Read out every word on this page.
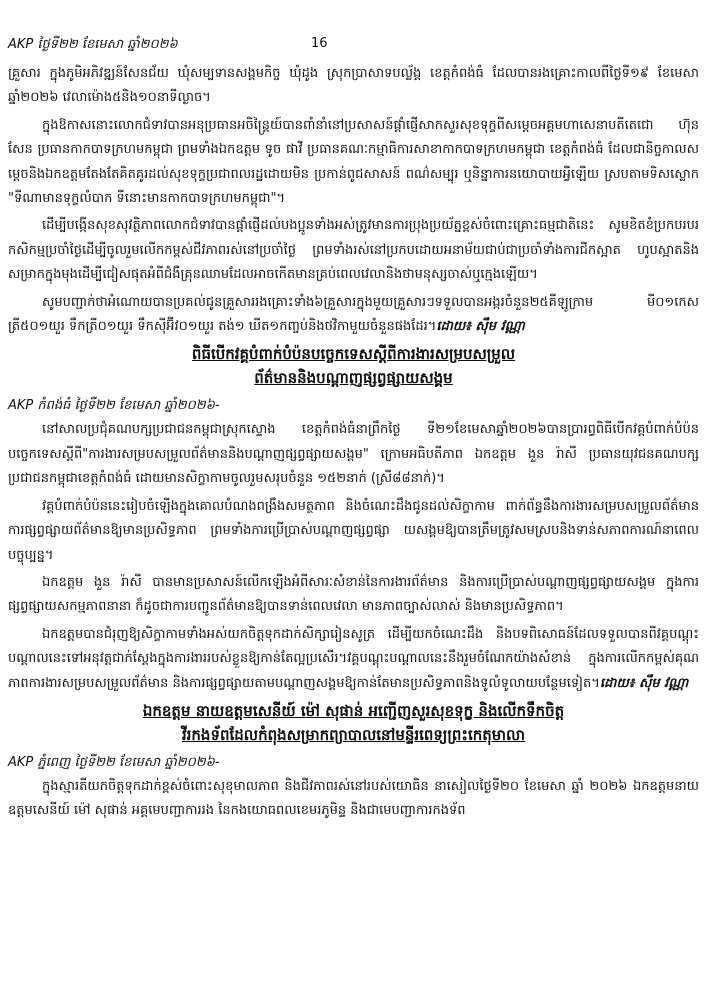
AKP ថ្ងៃទី២២ ខែមេសា ឆ្នាំ២០២៦	16

គ្រួសារ ក្នុងភូមិអភិវឌ្ឍន៍សែនជ័យ ឃុំសម្បទានសង្គមកិច្ច ឃុំដូង ស្រុកប្រាសាទបល្ល័ង្គ ខេត្តកំពង់ធំ ដែលបានរងគ្រោះកាលពីថ្ងៃទី១៩ ខែមេសាឆ្នាំ២០២៦ វេលាម៉ោង៥និង១០នាទីល្ងាច។

ក្នុងឱកាសនោះលោកជំទាវបានអនុប្រធានអចិន្ត្រៃយ៍បានពាំនាំនៅប្រសាសន៍ផ្តាំផ្ញើសាកសួរសុខទុក្ខពីសម្តេចអគ្គមហាសេនាបតីតេជោ ហ៊ុន សែន ប្រធានកាកបាទក្រហមកម្ពុជា ព្រមទាំងឯកឧត្តម ទូច ផាវី ប្រធានគណៈកម្មាធិការសាខាកាកបាទក្រហមកម្ពុជា ខេត្តកំពង់ធំ ដែលជានិច្ចកាលសម្តេចនិងឯកឧត្តមតែងតែគិតគូរដល់សុខទុក្ខប្រជាពលរដ្ឋដោយមិន ប្រកាន់ពូជសាសន៍ ពណ៌សម្បុរ ឬនិន្នាការនយោបាយអ្វីឡើយ ស្របតាមទិសស្លោក "ទីណាមានទុក្ខលំបាក ទីនោះមានកាកបាទក្រហមកម្ពុជា"។

ដើម្បីបង្កើនសុខសុវត្ថិភាពលោកជំទាវបានផ្តាំផ្ញើដល់បងប្អូនទាំងអស់ត្រូវមានការប្រុងប្រយ័ត្នខ្ពស់ចំពោះគ្រោះធម្មជាតិនេះ សូមខិតខំប្រកបរបរកសិកម្មប្រចាំថ្ងៃដើម្បីចូលរួមលើកកម្ពស់ជីវភាពរស់នៅប្រចាំថ្ងៃ ព្រមទាំងរស់នៅប្រកបដោយអនាម័យជាប់ជាប្រចាំទាំងការជីកស្អាត ហូបស្អាតនិងសម្រាកក្នុងមុងដើម្បីជៀសផុតអំពីជំងឺគ្រុនឈាមដែលអាចកើតមានគ្រប់ពេលវេលានិងថាមនុស្សចាស់ឬក្មេងឡើយ។

សូមបញ្ជាក់ថាអំណោយបានប្រគល់ជូនគ្រួសាររងគ្រោះទាំង៦គ្រួសារក្នុងមួយគ្រួសារៗទទួលបានអង្ករចំនួន២៥គីឡូក្រាម មី០១កេស ត្រី៥០១យួរ ទឹកត្រី០១យួរ ទឹកស៊ីអ៊ីវ០១យួរ តង់១ ឃីត១កញ្ចប់និងថវិកាមួយចំនួនផងដែរ។ដោយ៖ ស៊ឹម វណ្ណា

ពិធីបើកវគ្គបំពាក់បំប៉នបច្ចេកទេសស្តីពីការងារសម្របសម្រួល
ព័ត៌មាននិងបណ្តាញផ្សព្វផ្សាយសង្គម

AKP កំពង់ធំ ថ្ងៃទី២២ ខែមេសា ឆ្នាំ២០២៦-

នៅសាលប្រជុំគណបក្សប្រជាជនកម្ពុជាស្រុកស្ទោង ខេត្តកំពង់ធំនាព្រឹកថ្ងៃ ទី២១ខែមេសាឆ្នាំ២០២៦បានប្រារព្ធពិធីបើកវគ្គបំពាក់បំប៉នបច្ចេកទេសស្តីពី"ការងារសម្របសម្រួលព័ត៌មាននិងបណ្តាញផ្សព្វផ្សាយសង្គម" ក្រោមអធិបតីភាព ឯកឧត្តម ងួន រ៉ាសី ប្រធានយុវជនគណបក្សប្រជាជនកម្ពុជាខេត្តកំពង់ធំ ដោយមានសិក្ខាកាមចូលរួមសរុបចំនួន ១៥២នាក់ (ស្រី៨៨នាក់)។

វគ្គបំពាក់បំប៉ននេះរៀបចំឡើងក្នុងគោលបំណងពង្រឹងសមត្ថភាព និងចំណេះដឹងជូនដល់សិក្ខាកាម ពាក់ព័ន្ធនឹងការងារសម្របសម្រួលព័ត៌មាន ការផ្សព្វផ្សាយព័ត៌មានឱ្យមានប្រសិទ្ធភាព ព្រមទាំងការប្រើប្រាស់បណ្តាញផ្សព្វផ្សា យសង្គមឱ្យបានត្រឹមត្រូវសមស្របនិងទាន់សភាពការណ៍នាពេលបច្ចុប្បន្ន។

ឯកឧត្តម ងួន រ៉ាសី បានមានប្រសាសន៍លើកឡើងអំពីសារៈសំខាន់នៃការងារព័ត៌មាន និងការប្រើប្រាស់បណ្តាញផ្សព្វផ្សាយសង្គម ក្នុងការផ្សព្វផ្សាយសកម្មភាពនានា ក៏ដូចជាការបញ្ជូនព័ត៌មានឱ្យបានទាន់ពេលវេលា មានភាពច្បាស់លាស់ និងមានប្រសិទ្ធភាព។

ឯកឧត្តមបានជំរុញឱ្យសិក្ខាកាមទាំងអស់យកចិត្តទុកដាក់សិក្សារៀនសូត្រ ដើម្បីយកចំណេះដឹង និងបទពិសោធន៍ដែលទទួលបានពីវគ្គបណ្តុះបណ្តាលនេះទៅអនុវត្តជាក់ស្តែងក្នុងការងាររបស់ខ្លួនឱ្យកាន់តែល្អប្រសើរ។វគ្គបណ្តុះបណ្តាលនេះនឹងរួមចំណែកយ៉ាងសំខាន់ ក្នុងការលើកកម្ពស់គុណភាពការងារសម្របសម្រួលព័ត៌មាន និងការផ្សព្វផ្សាយតាមបណ្តាញសង្គមឱ្យកាន់តែមានប្រសិទ្ធភាពនិងទូលំទូលាយបន្ថែមទៀត។ដោយ៖ ស៊ឹម វណ្ណា

ឯកឧត្តម នាយឧត្តមសេនីយ៍ ម៉ៅ សុផាន់ អញ្ជើញសួរសុខទុក្ខ និងលើកទឹកចិត្ត
វីរកងទ័ពដែលកំពុងសម្រាកព្យាបាលនៅមន្ទីរពេទ្យព្រះកេតុមាលា

AKP ភ្នំពេញ ថ្ងៃទី២២ ខែមេសា ឆ្នាំ២០២៦-

ក្នុងស្មារតីយកចិត្តទុកដាក់ខ្ពស់ចំពោះសុខុមាលភាព និងជីវភាពរស់នៅរបស់យោធិន នាសៀលថ្ងៃទី២០ ខែមេសា ឆ្នាំ ២០២៦ ឯកឧត្តមនាយឧត្តមសេនីយ៍ ម៉ៅ សុផាន់ អគ្គមេបញ្ជាការរង នៃកងយោធពលខេមរភូមិន្ទ និងជាមេបញ្ជាការកងទ័ព
